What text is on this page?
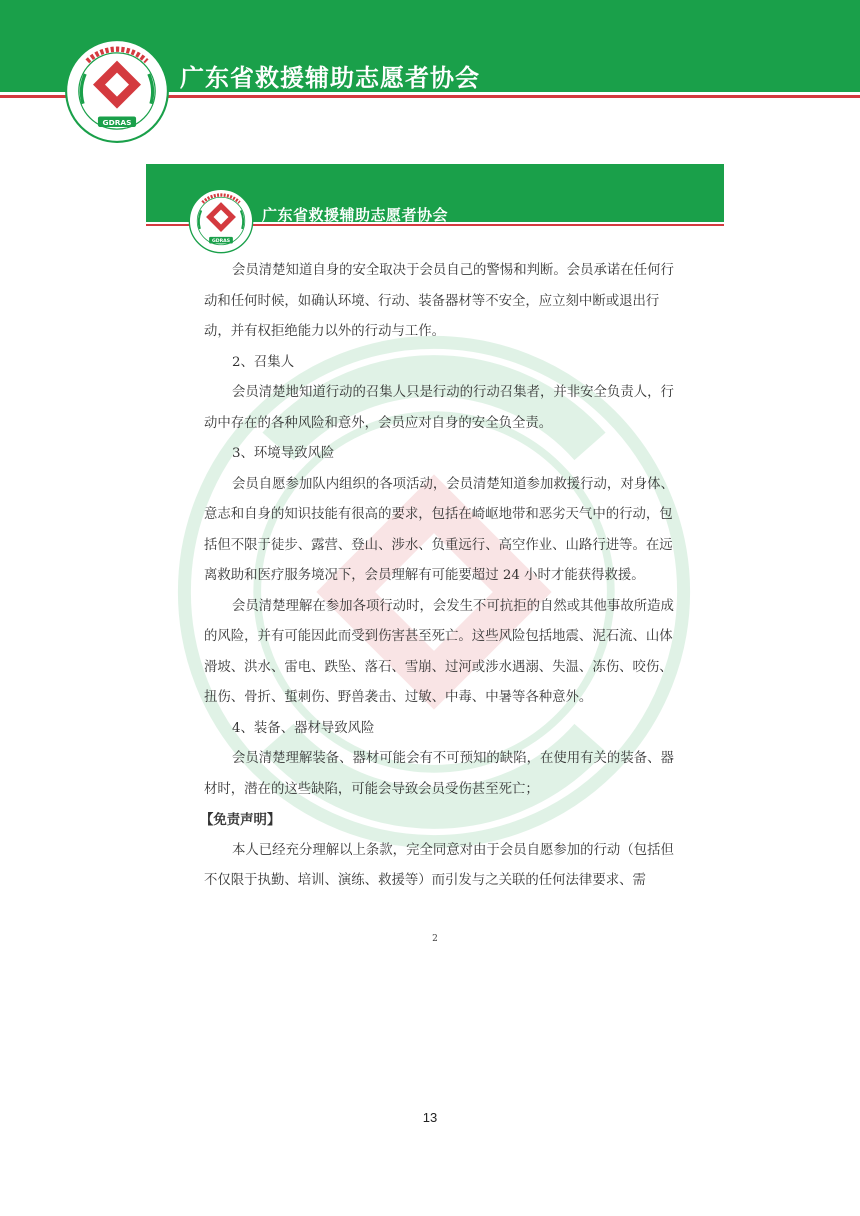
GDRAS
广东省救援辅助志愿者协会
GDRAS
广东省救援辅助志愿者协会

会员清楚知道自身的安全取决于会员自己的警惕和判断。会员承诺在任何行动和任何时候，如确认环境、行动、装备器材等不安全，应立刻中断或退出行动，并有权拒绝能力以外的行动与工作。

2、召集人

会员清楚地知道行动的召集人只是行动的行动召集者，并非安全负责人，行动中存在的各种风险和意外，会员应对自身的安全负全责。

3、环境导致风险

会员自愿参加队内组织的各项活动，会员清楚知道参加救援行动，对身体、意志和自身的知识技能有很高的要求，包括在崎岖地带和恶劣天气中的行动，包括但不限于徒步、露营、登山、涉水、负重远行、高空作业、山路行进等。在远离救助和医疗服务境况下，会员理解有可能要超过 24 小时才能获得救援。

会员清楚理解在参加各项行动时，会发生不可抗拒的自然或其他事故所造成的风险，并有可能因此而受到伤害甚至死亡。这些风险包括地震、泥石流、山体滑坡、洪水、雷电、跌坠、落石、雪崩、过河或涉水遇溺、失温、冻伤、咬伤、扭伤、骨折、蜇刺伤、野兽袭击、过敏、中毒、中暑等各种意外。

4、装备、器材导致风险

会员清楚理解装备、器材可能会有不可预知的缺陷，在使用有关的装备、器材时，潜在的这些缺陷，可能会导致会员受伤甚至死亡；

【免责声明】

本人已经充分理解以上条款，完全同意对由于会员自愿参加的行动（包括但不仅限于执勤、培训、演练、救援等）而引发与之关联的任何法律要求、需

2
13
